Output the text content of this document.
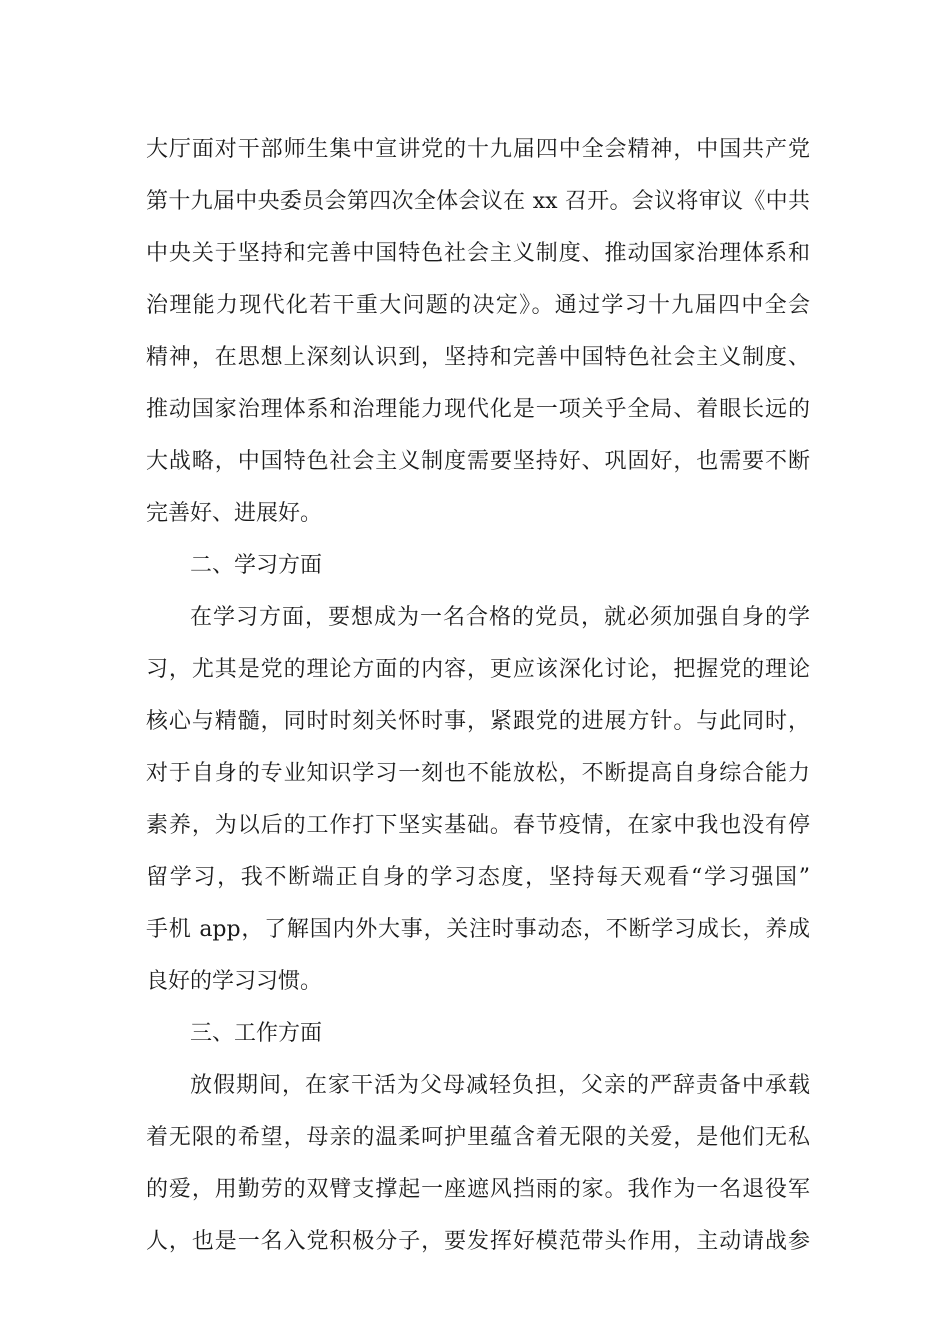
大厅面对干部师生集中宣讲党的十九届四中全会精神，中国共产党
第十九届中央委员会第四次全体会议在 xx 召开。会议将审议《中共
中央关于坚持和完善中国特色社会主义制度、推动国家治理体系和
治理能力现代化若干重大问题的决定》。通过学习十九届四中全会
精神，在思想上深刻认识到，坚持和完善中国特色社会主义制度、
推动国家治理体系和治理能力现代化是一项关乎全局、着眼长远的
大战略，中国特色社会主义制度需要坚持好、巩固好，也需要不断
完善好、进展好。
二、学习方面
在学习方面，要想成为一名合格的党员，就必须加强自身的学
习，尤其是党的理论方面的内容，更应该深化讨论，把握党的理论
核心与精髓，同时时刻关怀时事，紧跟党的进展方针。与此同时，
对于自身的专业知识学习一刻也不能放松，不断提高自身综合能力
素养，为以后的工作打下坚实基础。春节疫情，在家中我也没有停
留学习，我不断端正自身的学习态度，坚持每天观看“学习强国”
手机 app，了解国内外大事，关注时事动态，不断学习成长，养成
良好的学习习惯。
三、工作方面
放假期间，在家干活为父母减轻负担，父亲的严辞责备中承载
着无限的希望，母亲的温柔呵护里蕴含着无限的关爱，是他们无私
的爱，用勤劳的双臂支撑起一座遮风挡雨的家。我作为一名退役军
人，也是一名入党积极分子，要发挥好模范带头作用，主动请战参
